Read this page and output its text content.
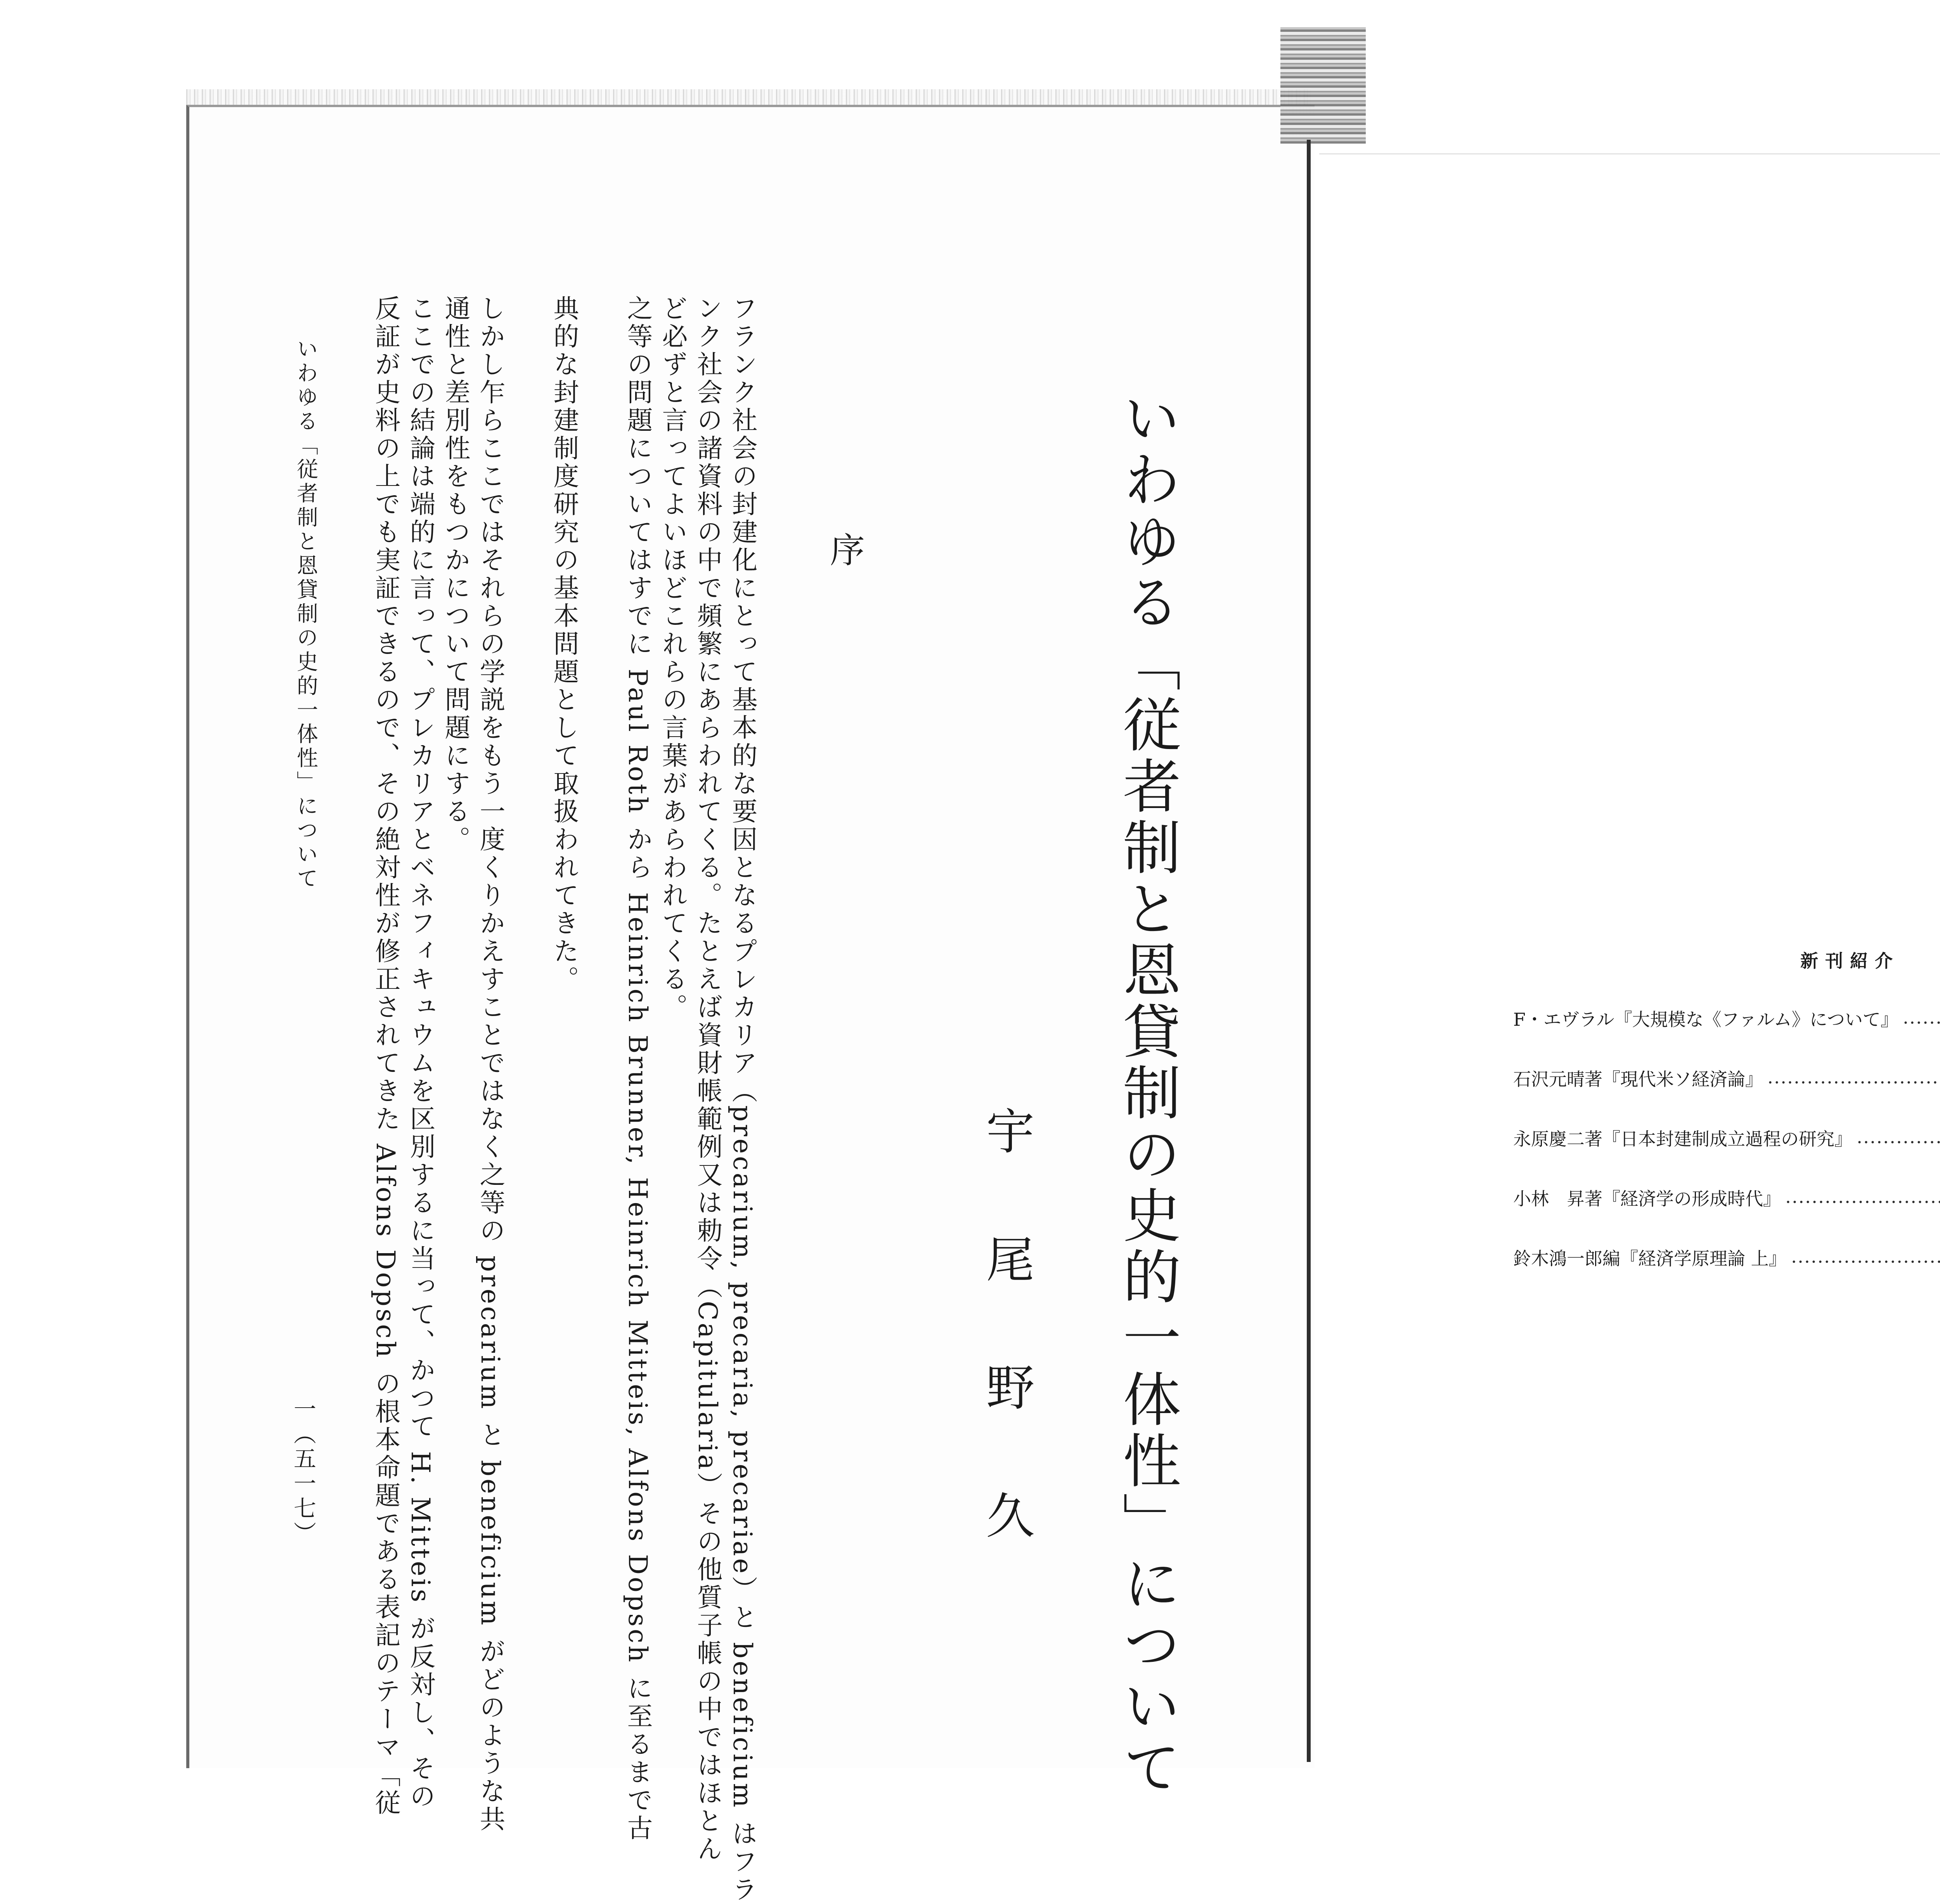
いわゆる「従者制と恩貸制の史的一体性」について
宇尾野久
序
フランク社会の封建化にとって基本的な要因となるプレカリア（precarium, precaria, precariae）と beneficium はフラ
ンク社会の諸資料の中で頻繁にあらわれてくる。たとえば資財帳範例又は勅令（Capitularia）その他質子帳の中ではほとん
ど必ずと言ってよいほどこれらの言葉があらわれてくる。
之等の問題についてはすでに Paul Roth から Heinrich Brunner, Heinrich Mitteis, Alfons Dopsch に至るまで古
典的な封建制度研究の基本問題として取扱われてきた。
しかし乍らここではそれらの学説をもう一度くりかえすことではなく之等の precarium と beneficium がどのような共
通性と差別性をもつかについて問題にする。
ここでの結論は端的に言って、プレカリアとベネフィキュウムを区別するに当って、かつて H. Mitteis が反対し、その
反証が史料の上でも実証できるので、その絶対性が修正されてきた Alfons Dopsch の根本命題である表記のテーマ「従
いわゆる「従者制と恩貸制の史的一体性」について
一（五一七）
新刊紹介
F・エヴラル『大規模な《ファルム》について』
石沢元晴著『現代米ソ経済論』
永原慶二著『日本封建制成立過程の研究』
小林　昇著『経済学の形成時代』
鈴木鴻一郎編『経済学原理論 上』
